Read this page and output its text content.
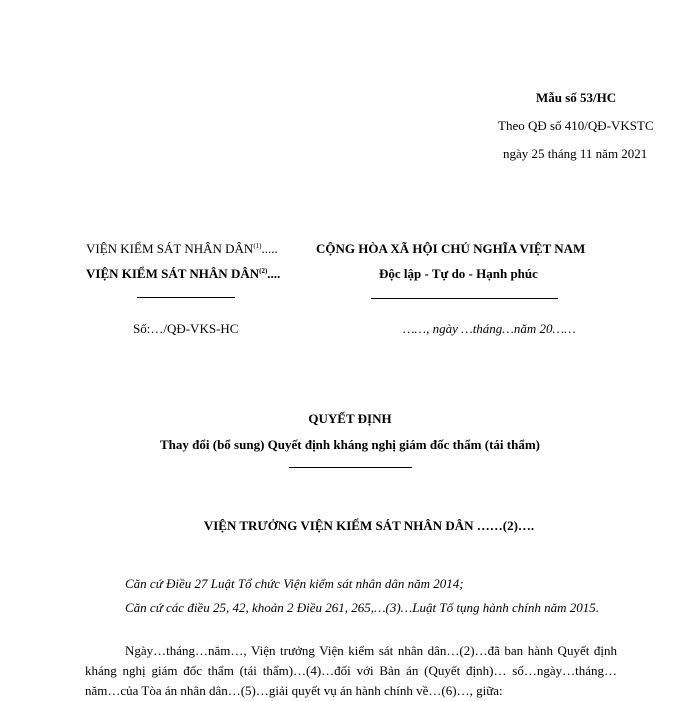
Mẫu số 53/HC
Theo QĐ số 410/QĐ-VKSTC
ngày 25 tháng 11 năm 2021
VIỆN KIỂM SÁT NHÂN DÂN$^{(1)}$.....
VIỆN KIỂM SÁT NHÂN DÂN$^{(2)}$....
Số:…/QĐ-VKS-HC
CỘNG HÒA XÃ HỘI CHỦ NGHĨA VIỆT NAM
Độc lập - Tự do - Hạnh phúc
……, ngày …tháng…năm 20……
QUYẾT ĐỊNH
Thay đổi (bổ sung) Quyết định kháng nghị giám đốc thẩm (tái thẩm)
VIỆN TRƯỞNG VIỆN KIỂM SÁT NHÂN DÂN ……(2)….
Căn cứ Điều 27 Luật Tổ chức Viện kiểm sát nhân dân năm 2014;
Căn cứ các điều 25, 42, khoản 2 Điều 261, 265,…(3)…Luật Tố tụng hành chính năm 2015.
Ngày…tháng…năm…, Viện trưởng Viện kiểm sát nhân dân…(2)…đã ban hành Quyết định kháng nghị giám đốc thẩm (tái thẩm)…(4)…đối với Bản án (Quyết định)… số…ngày…tháng…năm…của Tòa án nhân dân…(5)…giải quyết vụ án hành chính về…(6)…, giữa:
